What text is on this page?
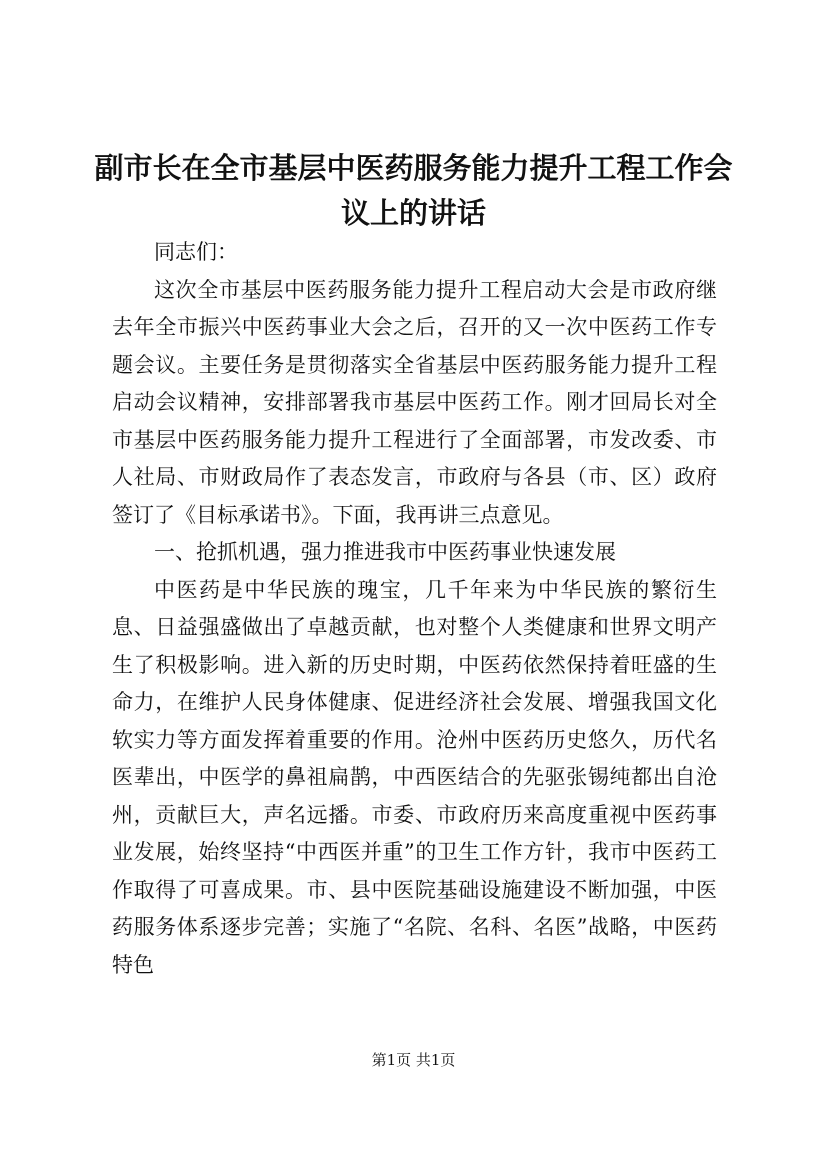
副市长在全市基层中医药服务能力提升工程工作会议上的讲话

同志们：

这次全市基层中医药服务能力提升工程启动大会是市政府继去年全市振兴中医药事业大会之后，召开的又一次中医药工作专题会议。主要任务是贯彻落实全省基层中医药服务能力提升工程启动会议精神，安排部署我市基层中医药工作。刚才回局长对全市基层中医药服务能力提升工程进行了全面部署，市发改委、市人社局、市财政局作了表态发言，市政府与各县（市、区）政府签订了《目标承诺书》。下面，我再讲三点意见。

一、抢抓机遇，强力推进我市中医药事业快速发展

中医药是中华民族的瑰宝，几千年来为中华民族的繁衍生息、日益强盛做出了卓越贡献，也对整个人类健康和世界文明产生了积极影响。进入新的历史时期，中医药依然保持着旺盛的生命力，在维护人民身体健康、促进经济社会发展、增强我国文化软实力等方面发挥着重要的作用。沧州中医药历史悠久，历代名医辈出，中医学的鼻祖扁鹊，中西医结合的先驱张锡纯都出自沧州，贡献巨大，声名远播。市委、市政府历来高度重视中医药事业发展，始终坚持“中西医并重”的卫生工作方针，我市中医药工作取得了可喜成果。市、县中医院基础设施建设不断加强，中医药服务体系逐步完善；实施了“名院、名科、名医”战略，中医药特色

第1页 共1页
